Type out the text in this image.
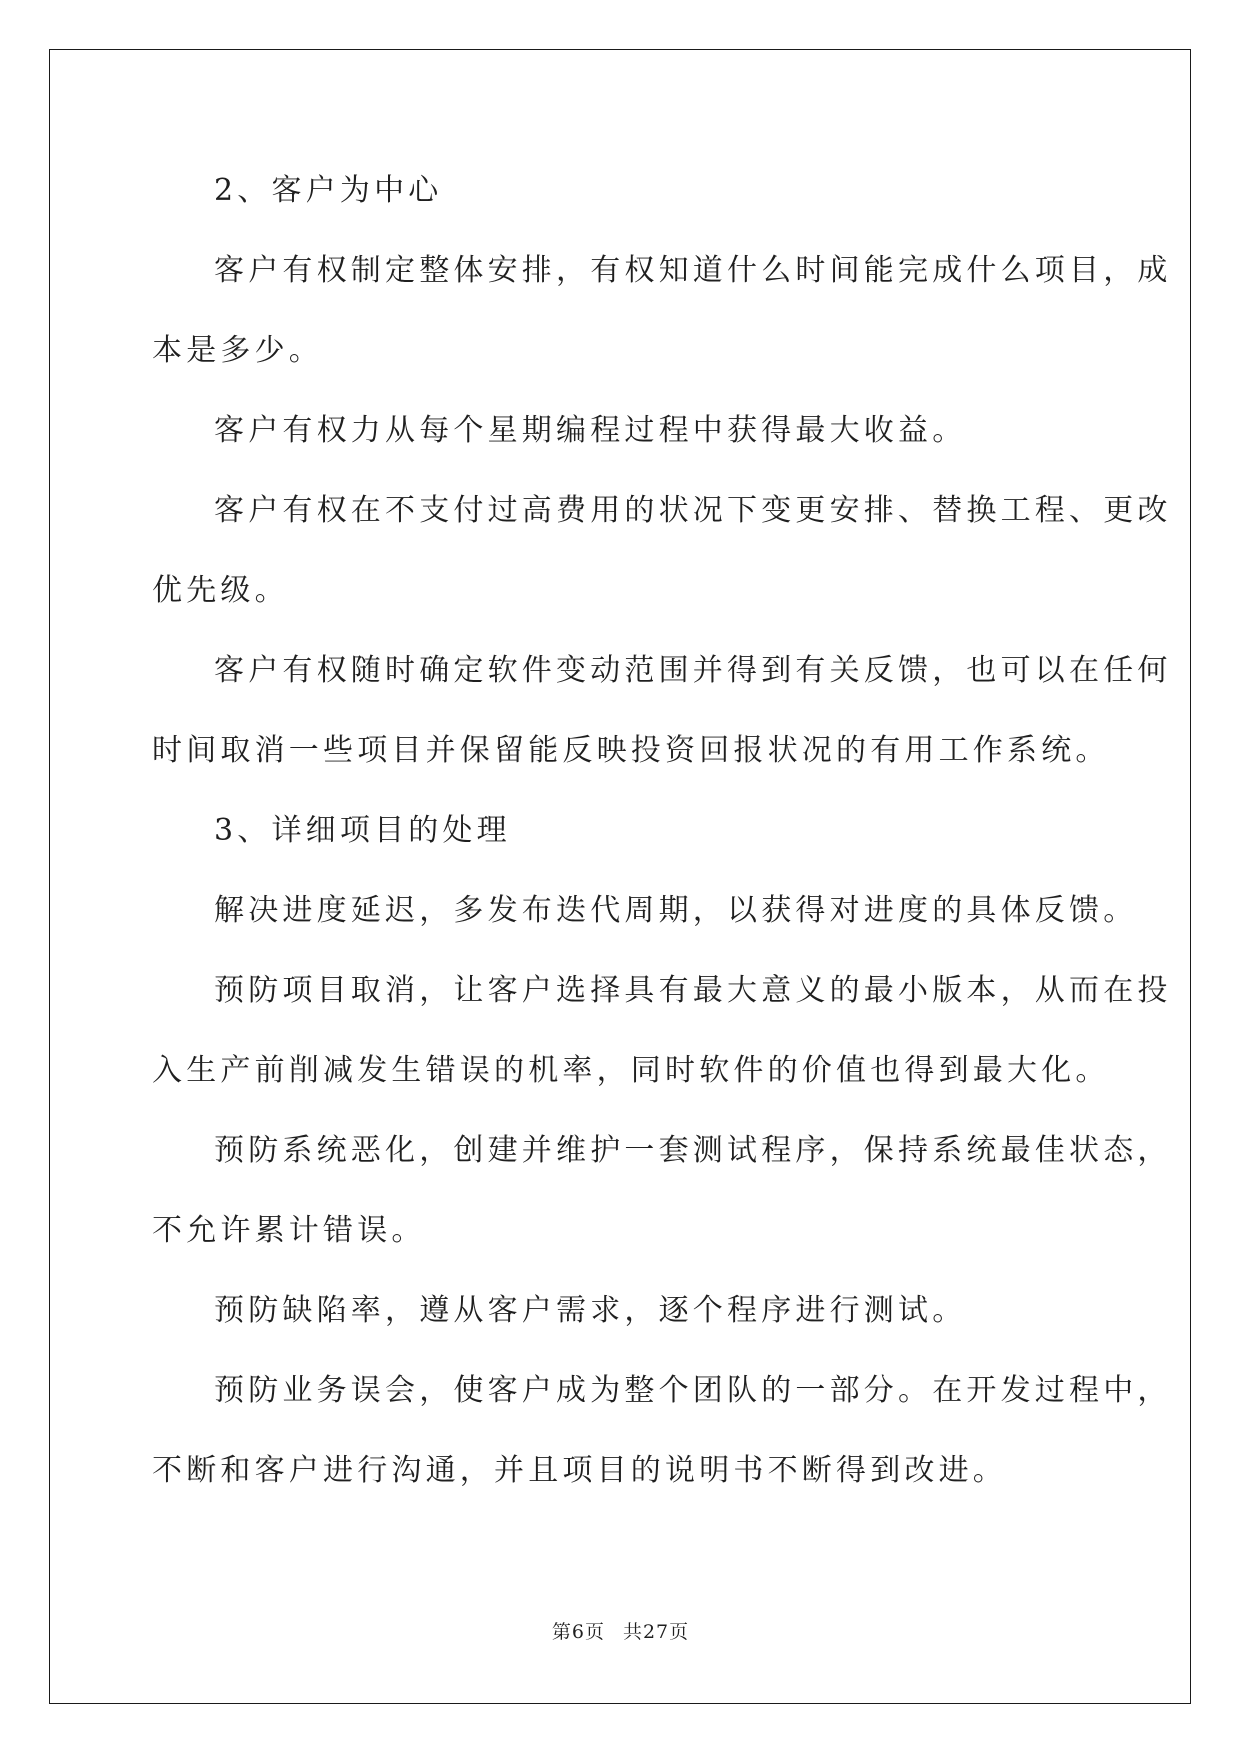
2、客户为中心
客户有权制定整体安排，有权知道什么时间能完成什么项目，成
本是多少。
客户有权力从每个星期编程过程中获得最大收益。
客户有权在不支付过高费用的状况下变更安排、替换工程、更改
优先级。
客户有权随时确定软件变动范围并得到有关反馈，也可以在任何
时间取消一些项目并保留能反映投资回报状况的有用工作系统。
3、详细项目的处理
解决进度延迟，多发布迭代周期，以获得对进度的具体反馈。
预防项目取消，让客户选择具有最大意义的最小版本，从而在投
入生产前削减发生错误的机率，同时软件的价值也得到最大化。
预防系统恶化，创建并维护一套测试程序，保持系统最佳状态，
不允许累计错误。
预防缺陷率，遵从客户需求，逐个程序进行测试。
预防业务误会，使客户成为整个团队的一部分。在开发过程中，
不断和客户进行沟通，并且项目的说明书不断得到改进。
第6页 共27页
